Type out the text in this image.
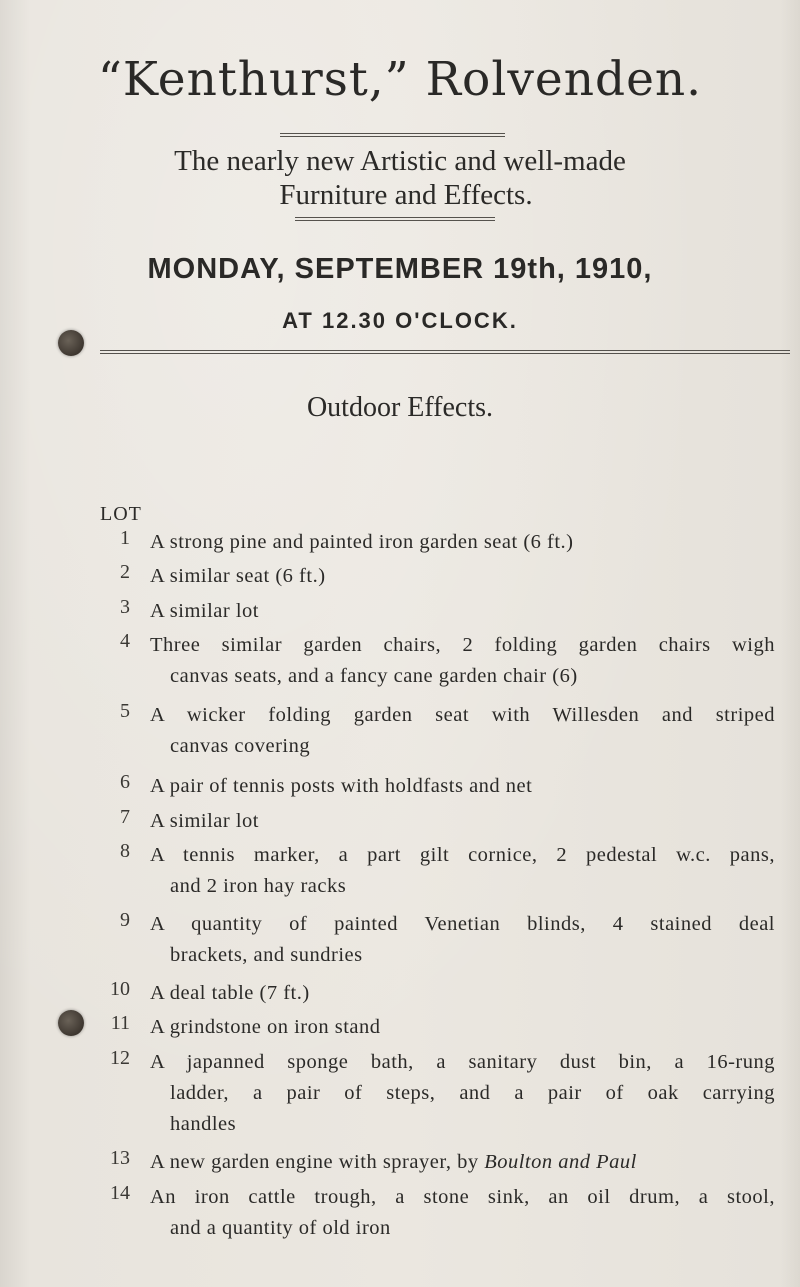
“Kenthurst,” Rolvenden.
The nearly new Artistic and well-made
Furniture and Effects.
MONDAY, SEPTEMBER 19th, 1910,
AT 12.30 O'CLOCK.
Outdoor Effects.
LOT
1 A strong pine and painted iron garden seat (6 ft.)
2 A similar seat (6 ft.)
3 A similar lot
4 Three similar garden chairs, 2 folding garden chairs wigh
canvas seats, and a fancy cane garden chair (6)
5 A wicker folding garden seat with Willesden and striped
canvas covering
6 A pair of tennis posts with holdfasts and net
7 A similar lot
8 A tennis marker, a part gilt cornice, 2 pedestal w.c. pans,
and 2 iron hay racks
9 A quantity of painted Venetian blinds, 4 stained deal
brackets, and sundries
10 A deal table (7 ft.)
11 A grindstone on iron stand
12 A japanned sponge bath, a sanitary dust bin, a 16-rung
ladder, a pair of steps, and a pair of oak carrying
handles
13 A new garden engine with sprayer, by Boulton and Paul
14 An iron cattle trough, a stone sink, an oil drum, a stool,
and a quantity of old iron
